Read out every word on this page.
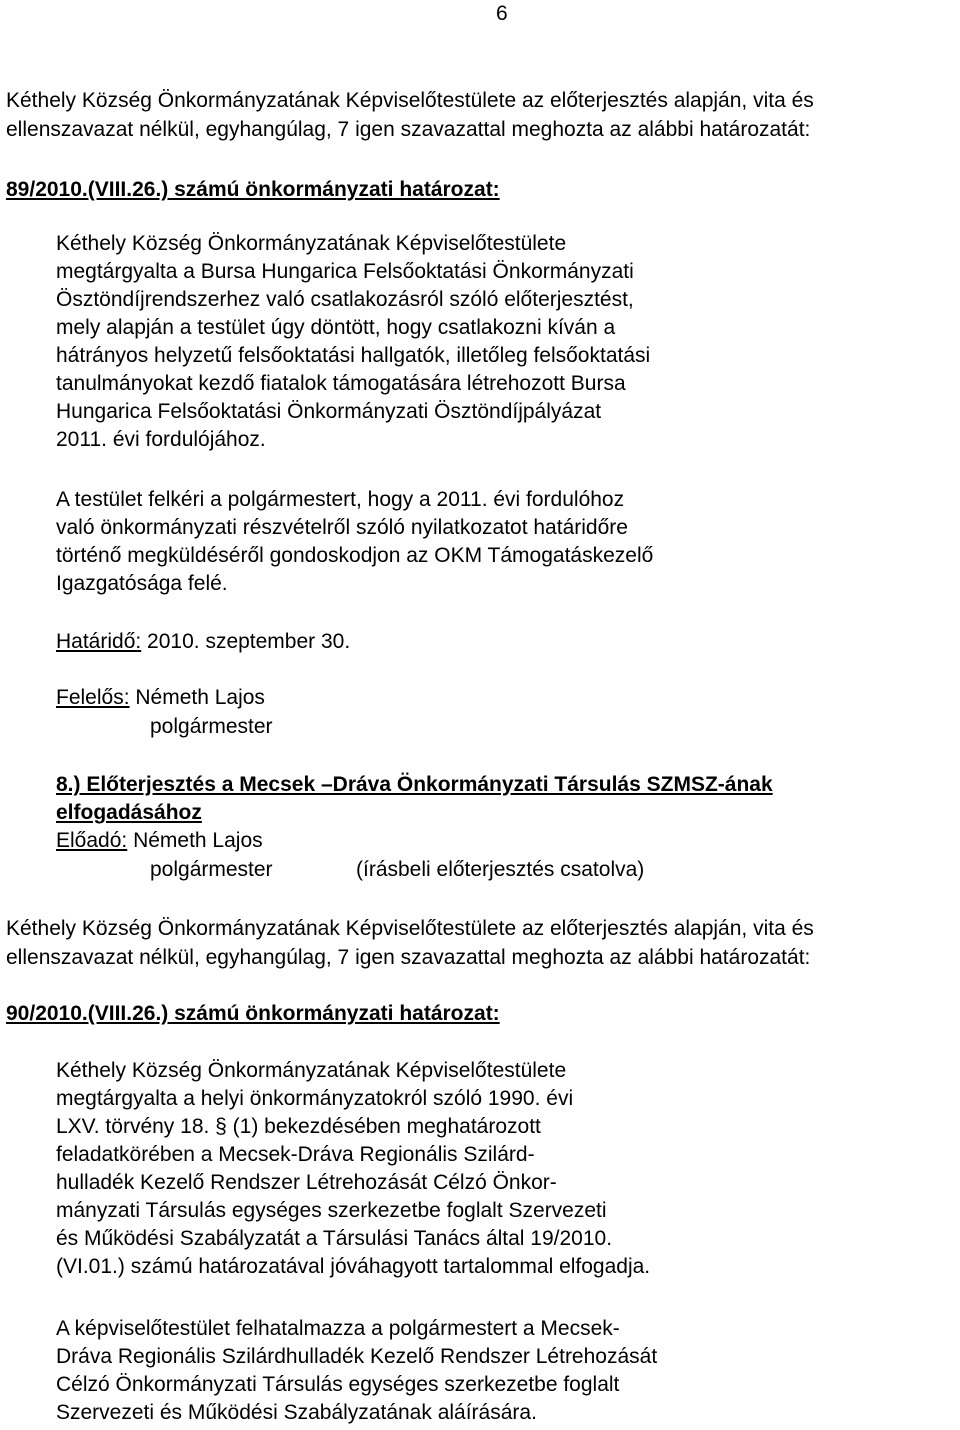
6
Kéthely Község Önkormányzatának Képviselőtestülete az előterjesztés alapján, vita és
ellenszavazat nélkül, egyhangúlag, 7 igen szavazattal meghozta az alábbi határozatát:
89/2010.(VIII.26.) számú önkormányzati határozat:
Kéthely Község Önkormányzatának Képviselőtestülete
megtárgyalta a Bursa Hungarica Felsőoktatási Önkormányzati
Ösztöndíjrendszerhez való csatlakozásról szóló előterjesztést,
mely alapján a testület úgy döntött, hogy csatlakozni kíván a
hátrányos helyzetű felsőoktatási hallgatók, illetőleg felsőoktatási
tanulmányokat kezdő fiatalok támogatására létrehozott Bursa
Hungarica Felsőoktatási Önkormányzati Ösztöndíjpályázat
2011. évi fordulójához.
A testület felkéri a polgármestert, hogy a 2011. évi fordulóhoz
való önkormányzati részvételről szóló nyilatkozatot határidőre
történő megküldéséről gondoskodjon az OKM Támogatáskezelő
Igazgatósága felé.
Határidő: 2010. szeptember 30.
Felelős: Németh Lajos
polgármester
8.) Előterjesztés a Mecsek –Dráva Önkormányzati Társulás SZMSZ-ának
elfogadásához
Előadó: Németh Lajos
polgármester	(írásbeli előterjesztés csatolva)
Kéthely Község Önkormányzatának Képviselőtestülete az előterjesztés alapján, vita és
ellenszavazat nélkül, egyhangúlag, 7 igen szavazattal meghozta az alábbi határozatát:
90/2010.(VIII.26.) számú önkormányzati határozat:
Kéthely Község Önkormányzatának Képviselőtestülete
megtárgyalta a helyi önkormányzatokról szóló 1990. évi
LXV. törvény 18. § (1) bekezdésében meghatározott
feladatkörében a Mecsek-Dráva Regionális Szilárd-
hulladék Kezelő Rendszer Létrehozását Célzó Önkor-
mányzati Társulás egységes szerkezetbe foglalt Szervezeti
és Működési Szabályzatát a Társulási Tanács által 19/2010.
(VI.01.) számú határozatával jóváhagyott tartalommal elfogadja.
A képviselőtestület felhatalmazza a polgármestert a Mecsek-
Dráva Regionális Szilárdhulladék Kezelő Rendszer Létrehozását
Célzó Önkormányzati Társulás egységes szerkezetbe foglalt
Szervezeti és Működési Szabályzatának aláírására.
